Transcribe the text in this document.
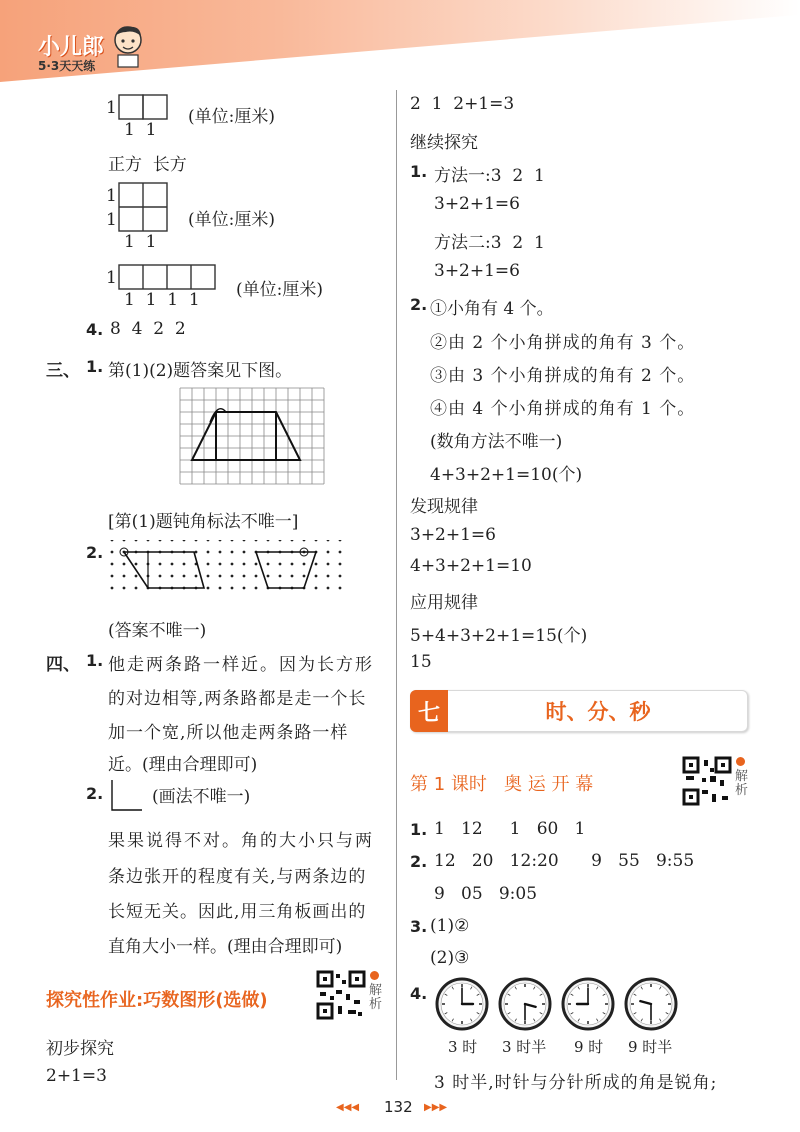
小儿郎
5·3天天练
1
1  1
(单位:厘米)
正方  长方
1
1
1  1
(单位:厘米)
1
1  1  1  1 (单位:厘米)
4. 8  4  2  2
三、 1. 第(1)(2)题答案见下图。
[第(1)题钝角标法不唯一]
2.
(答案不唯一)
四、 1. 他走两条路一样近。因为长方形
的对边相等,两条路都是走一个长
加一个宽,所以他走两条路一样
近。(理由合理即可)
2.	(画法不唯一)
果果说得不对。角的大小只与两
条边张开的程度有关,与两条边的
长短无关。因此,用三角板画出的
直角大小一样。(理由合理即可)
探究性作业:巧数图形(选做)	解析
初步探究
2+1=3
2  1  2+1=3
继续探究
1. 方法一:3  2  1
3+2+1=6
方法二:3  2  1
3+2+1=6
2. ①小角有 4 个。
②由 2 个小角拼成的角有 3 个。
③由 3 个小角拼成的角有 2 个。
④由 4 个小角拼成的角有 1 个。
(数角方法不唯一)
4+3+2+1=10(个)
发现规律
3+2+1=6
4+3+2+1=10
应用规律
5+4+3+2+1=15(个)
15
七	时、分、秒
第 1 课时   奥 运 开 幕	解析
1. 1   12     1   60   1
2. 12   20   12:20      9   55   9:55
9   05   9:05
3. (1)②
(2)③
4.
3 时 3 时半 9 时 9 时半
3 时半,时针与分针所成的角是锐角;
◀◀◀ 132 ▶▶▶
